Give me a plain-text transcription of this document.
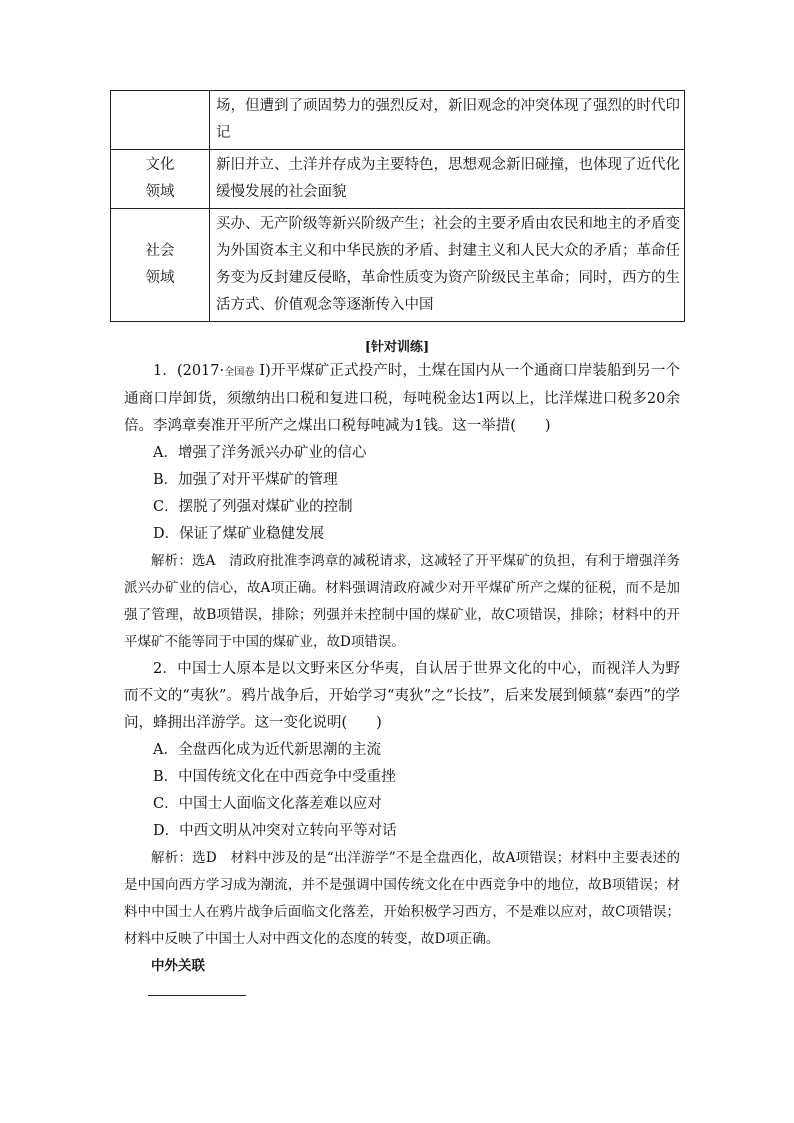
	场，但遭到了顽固势力的强烈反对，新旧观念的冲突体现了强烈的时代印记

文化
领域	新旧并立、土洋并存成为主要特色，思想观念新旧碰撞，也体现了近代化缓慢发展的社会面貌

社会
领域	买办、无产阶级等新兴阶级产生；社会的主要矛盾由农民和地主的矛盾变为外国资本主义和中华民族的矛盾、封建主义和人民大众的矛盾；革命任务变为反封建反侵略，革命性质变为资产阶级民主革命；同时，西方的生活方式、价值观念等逐渐传入中国
[针对训练]

1．(2017·全国卷 Ⅰ)开平煤矿正式投产时，土煤在国内从一个通商口岸装船到另一个通商口岸卸货，须缴纳出口税和复进口税，每吨税金达1两以上，比洋煤进口税多20余倍。李鸿章奏准开平所产之煤出口税每吨减为1钱。这一举措(　　)

A．增强了洋务派兴办矿业的信心

B．加强了对开平煤矿的管理

C．摆脱了列强对煤矿业的控制

D．保证了煤矿业稳健发展

解析：选A　清政府批准李鸿章的减税请求，这减轻了开平煤矿的负担，有利于增强洋务派兴办矿业的信心，故A项正确。材料强调清政府减少对开平煤矿所产之煤的征税，而不是加强了管理，故B项错误，排除；列强并未控制中国的煤矿业，故C项错误，排除；材料中的开平煤矿不能等同于中国的煤矿业，故D项错误。

2．中国士人原本是以文野来区分华夷，自认居于世界文化的中心，而视洋人为野而不文的“夷狄”。鸦片战争后，开始学习“夷狄”之“长技”，后来发展到倾慕“泰西”的学问，蜂拥出洋游学。这一变化说明(　　)

A．全盘西化成为近代新思潮的主流

B．中国传统文化在中西竞争中受重挫

C．中国士人面临文化落差难以应对

D．中西文明从冲突对立转向平等对话

解析：选D　材料中涉及的是“出洋游学”不是全盘西化，故A项错误；材料中主要表述的是中国向西方学习成为潮流，并不是强调中国传统文化在中西竞争中的地位，故B项错误；材料中中国士人在鸦片战争后面临文化落差，开始积极学习西方，不是难以应对，故C项错误；材料中反映了中国士人对中西文化的态度的转变，故D项正确。

中外关联
